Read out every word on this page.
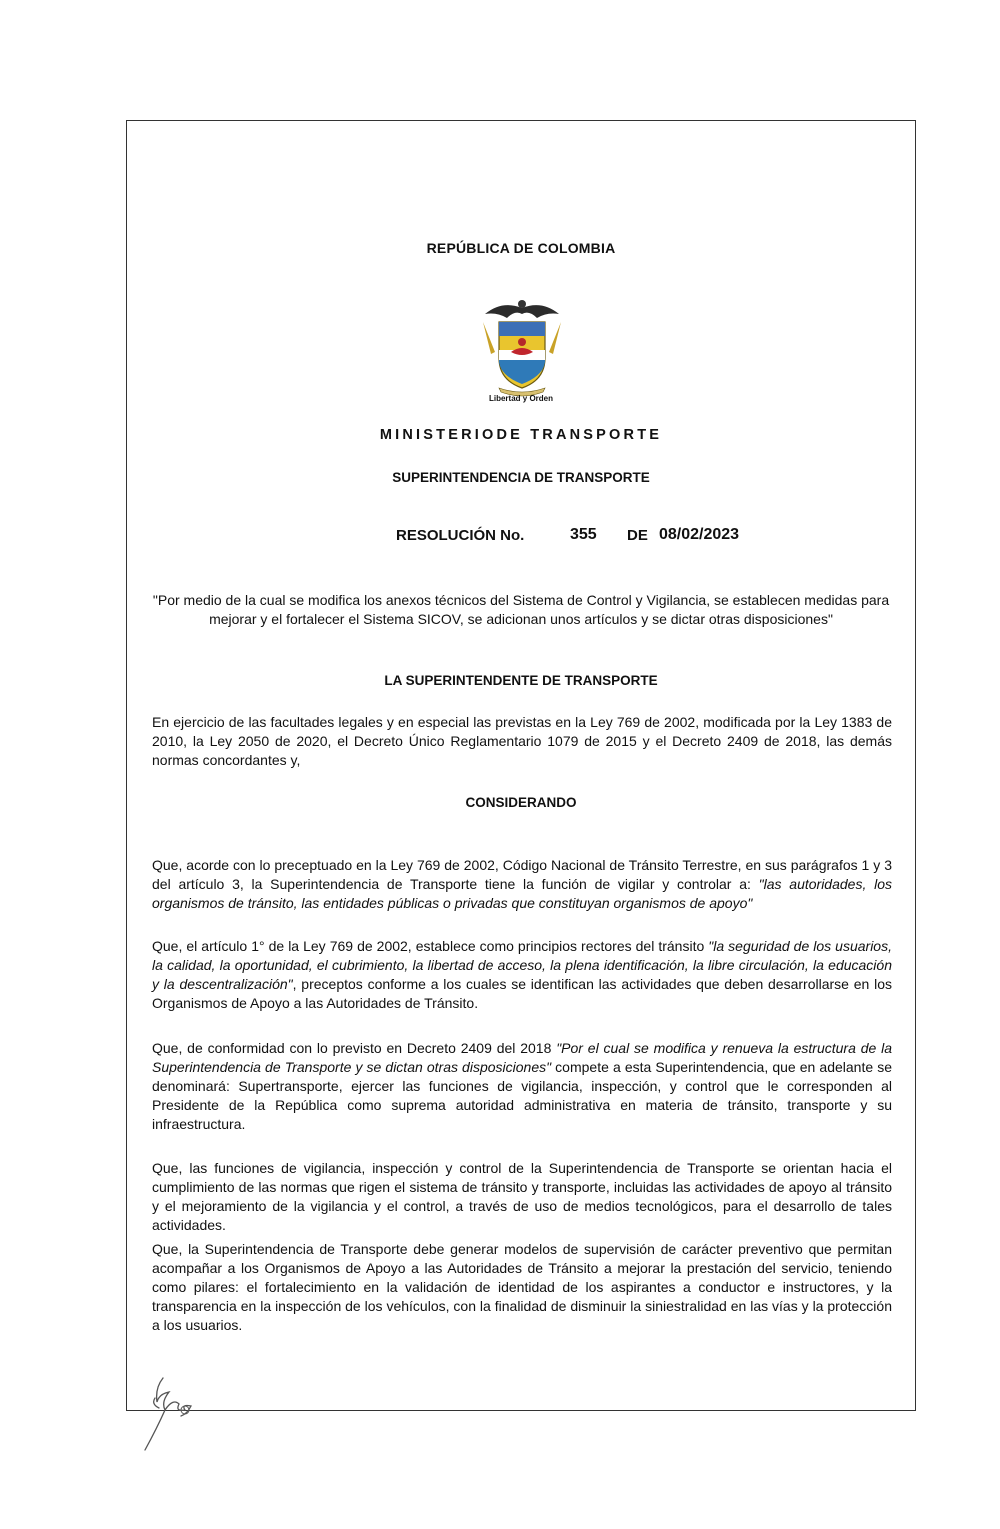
REPÚBLICA DE COLOMBIA
Libertad y Orden
MINISTERIODE TRANSPORTE
SUPERINTENDENCIA DE TRANSPORTE
RESOLUCIÓN No.	355 DE 08/02/2023
"Por medio de la cual se modifica los anexos técnicos del Sistema de Control y Vigilancia, se establecen medidas para mejorar y el fortalecer el Sistema SICOV, se adicionan unos artículos y se dictar otras disposiciones"
LA SUPERINTENDENTE DE TRANSPORTE
En ejercicio de las facultades legales y en especial las previstas en la Ley 769 de 2002, modificada por la Ley 1383 de 2010, la Ley 2050 de 2020, el Decreto Único Reglamentario 1079 de 2015 y el Decreto 2409 de 2018, las demás normas concordantes y,
CONSIDERANDO
Que, acorde con lo preceptuado en la Ley 769 de 2002, Código Nacional de Tránsito Terrestre, en sus parágrafos 1 y 3 del artículo 3, la Superintendencia de Transporte tiene la función de vigilar y controlar a: "las autoridades, los organismos de tránsito, las entidades públicas o privadas que constituyan organismos de apoyo"
Que, el artículo 1° de la Ley 769 de 2002, establece como principios rectores del tránsito "la seguridad de los usuarios, la calidad, la oportunidad, el cubrimiento, la libertad de acceso, la plena identificación, la libre circulación, la educación y la descentralización", preceptos conforme a los cuales se identifican las actividades que deben desarrollarse en los Organismos de Apoyo a las Autoridades de Tránsito.
Que, de conformidad con lo previsto en Decreto 2409 del 2018 "Por el cual se modifica y renueva la estructura de la Superintendencia de Transporte y se dictan otras disposiciones" compete a esta Superintendencia, que en adelante se denominará: Supertransporte, ejercer las funciones de vigilancia, inspección, y control que le corresponden al Presidente de la República como suprema autoridad administrativa en materia de tránsito, transporte y su infraestructura.
Que, las funciones de vigilancia, inspección y control de la Superintendencia de Transporte se orientan hacia el cumplimiento de las normas que rigen el sistema de tránsito y transporte, incluidas las actividades de apoyo al tránsito y el mejoramiento de la vigilancia y el control, a través de uso de medios tecnológicos, para el desarrollo de tales actividades.
Que, la Superintendencia de Transporte debe generar modelos de supervisión de carácter preventivo que permitan acompañar a los Organismos de Apoyo a las Autoridades de Tránsito a mejorar la prestación del servicio, teniendo como pilares: el fortalecimiento en la validación de identidad de los aspirantes a conductor e instructores, y la transparencia en la inspección de los vehículos, con la finalidad de disminuir la siniestralidad en las vías y la protección a los usuarios.
